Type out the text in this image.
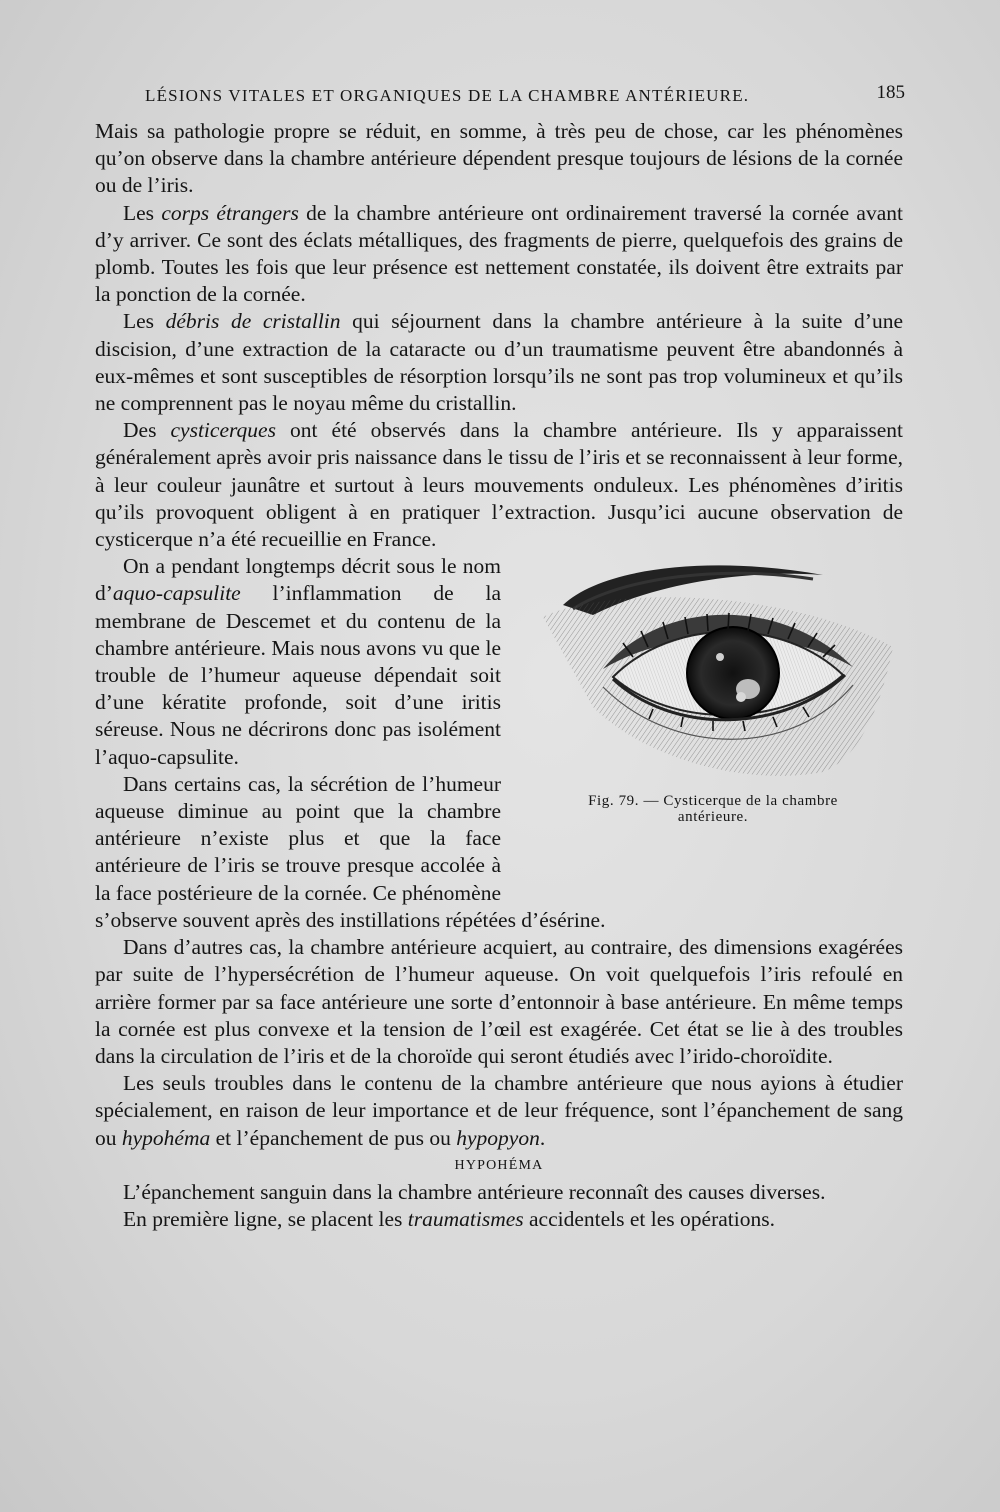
LÉSIONS VITALES ET ORGANIQUES DE LA CHAMBRE ANTÉRIEURE.	185

Mais sa pathologie propre se réduit, en somme, à très peu de chose, car les phénomènes qu’on observe dans la chambre antérieure dépendent presque toujours de lésions de la cornée ou de l’iris.

Les corps étrangers de la chambre antérieure ont ordinairement traversé la cornée avant d’y arriver. Ce sont des éclats métalliques, des fragments de pierre, quelquefois des grains de plomb. Toutes les fois que leur présence est nettement constatée, ils doivent être extraits par la ponction de la cornée.

Les débris de cristallin qui séjournent dans la chambre antérieure à la suite d’une discision, d’une extraction de la cataracte ou d’un traumatisme peuvent être abandonnés à eux-mêmes et sont susceptibles de résorption lorsqu’ils ne sont pas trop volumineux et qu’ils ne comprennent pas le noyau même du cristallin.

Des cysticerques ont été observés dans la chambre antérieure. Ils y apparaissent généralement après avoir pris naissance dans le tissu de l’iris et se reconnaissent à leur forme, à leur couleur jaunâtre et surtout à leurs mouvements onduleux. Les phénomènes d’iritis qu’ils provoquent obligent à en pratiquer l’extraction. Jusqu’ici aucune observation de cysticerque n’a été recueillie en France.

Fig. 79. — Cysticerque de la chambre
antérieure.

On a pendant longtemps décrit sous le nom d’aquo-capsulite l’inflammation de la membrane de Descemet et du contenu de la chambre antérieure. Mais nous avons vu que le trouble de l’humeur aqueuse dépendait soit d’une kératite profonde, soit d’une iritis séreuse. Nous ne décrirons donc pas isolément l’aquo-capsulite.

Dans certains cas, la sécrétion de l’humeur aqueuse diminue au point que la chambre antérieure n’existe plus et que la face antérieure de l’iris se trouve presque accolée à la face postérieure de la cornée. Ce phénomène s’observe souvent après des instillations répétées d’ésérine.

Dans d’autres cas, la chambre antérieure acquiert, au contraire, des dimensions exagérées par suite de l’hypersécrétion de l’humeur aqueuse. On voit quelquefois l’iris refoulé en arrière former par sa face antérieure une sorte d’entonnoir à base antérieure. En même temps la cornée est plus convexe et la tension de l’œil est exagérée. Cet état se lie à des troubles dans la circulation de l’iris et de la choroïde qui seront étudiés avec l’irido-choroïdite.

Les seuls troubles dans le contenu de la chambre antérieure que nous ayions à étudier spécialement, en raison de leur importance et de leur fréquence, sont l’épanchement de sang ou hypohéma et l’épanchement de pus ou hypopyon.

HYPOHÉMA

L’épanchement sanguin dans la chambre antérieure reconnaît des causes diverses.

En première ligne, se placent les traumatismes accidentels et les opérations.
